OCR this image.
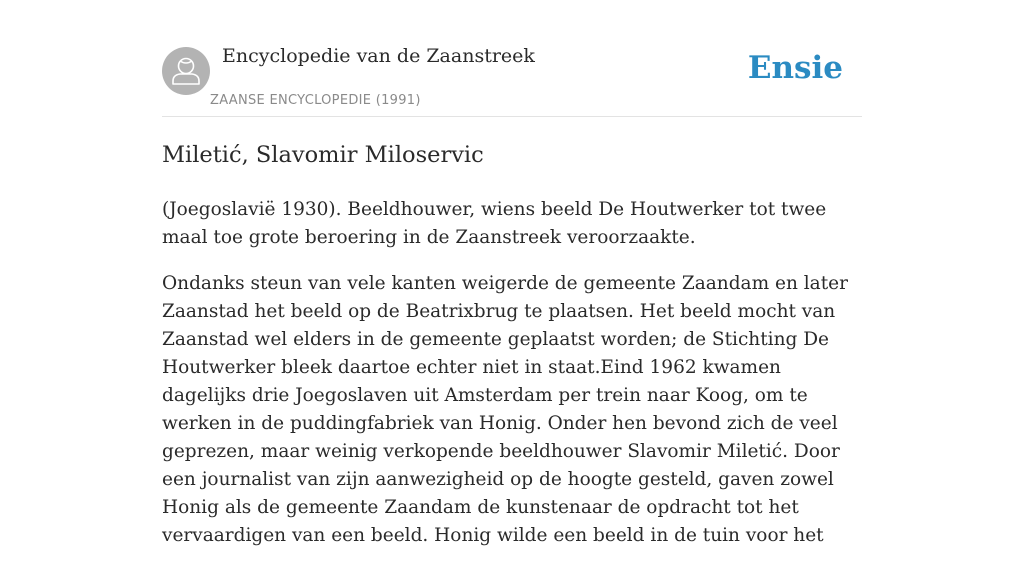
Encyclopedie van de Zaanstreek
ZAANSE ENCYCLOPEDIE (1991)
Ensie
Miletić, Slavomir Miloservic

(Joegoslavië 1930). Beeldhouwer, wiens beeld De Houtwerker tot twee maal toe grote beroering in de Zaanstreek veroorzaakte.

Ondanks steun van vele kanten weigerde de gemeente Zaandam en later Zaanstad het beeld op de Beatrixbrug te plaatsen. Het beeld mocht van Zaanstad wel elders in de gemeente geplaatst worden; de Stichting De Houtwerker bleek daartoe echter niet in staat.Eind 1962 kwamen dagelijks drie Joegoslaven uit Amsterdam per trein naar Koog, om te werken in de puddingfabriek van Honig. Onder hen bevond zich de veel geprezen, maar weinig verkopende beeldhouwer Slavomir Miletić. Door een journalist van zijn aanwezigheid op de hoogte gesteld, gaven zowel Honig als de gemeente Zaandam de kunstenaar de opdracht tot het vervaardigen van een beeld. Honig wilde een beeld in de tuin voor het
